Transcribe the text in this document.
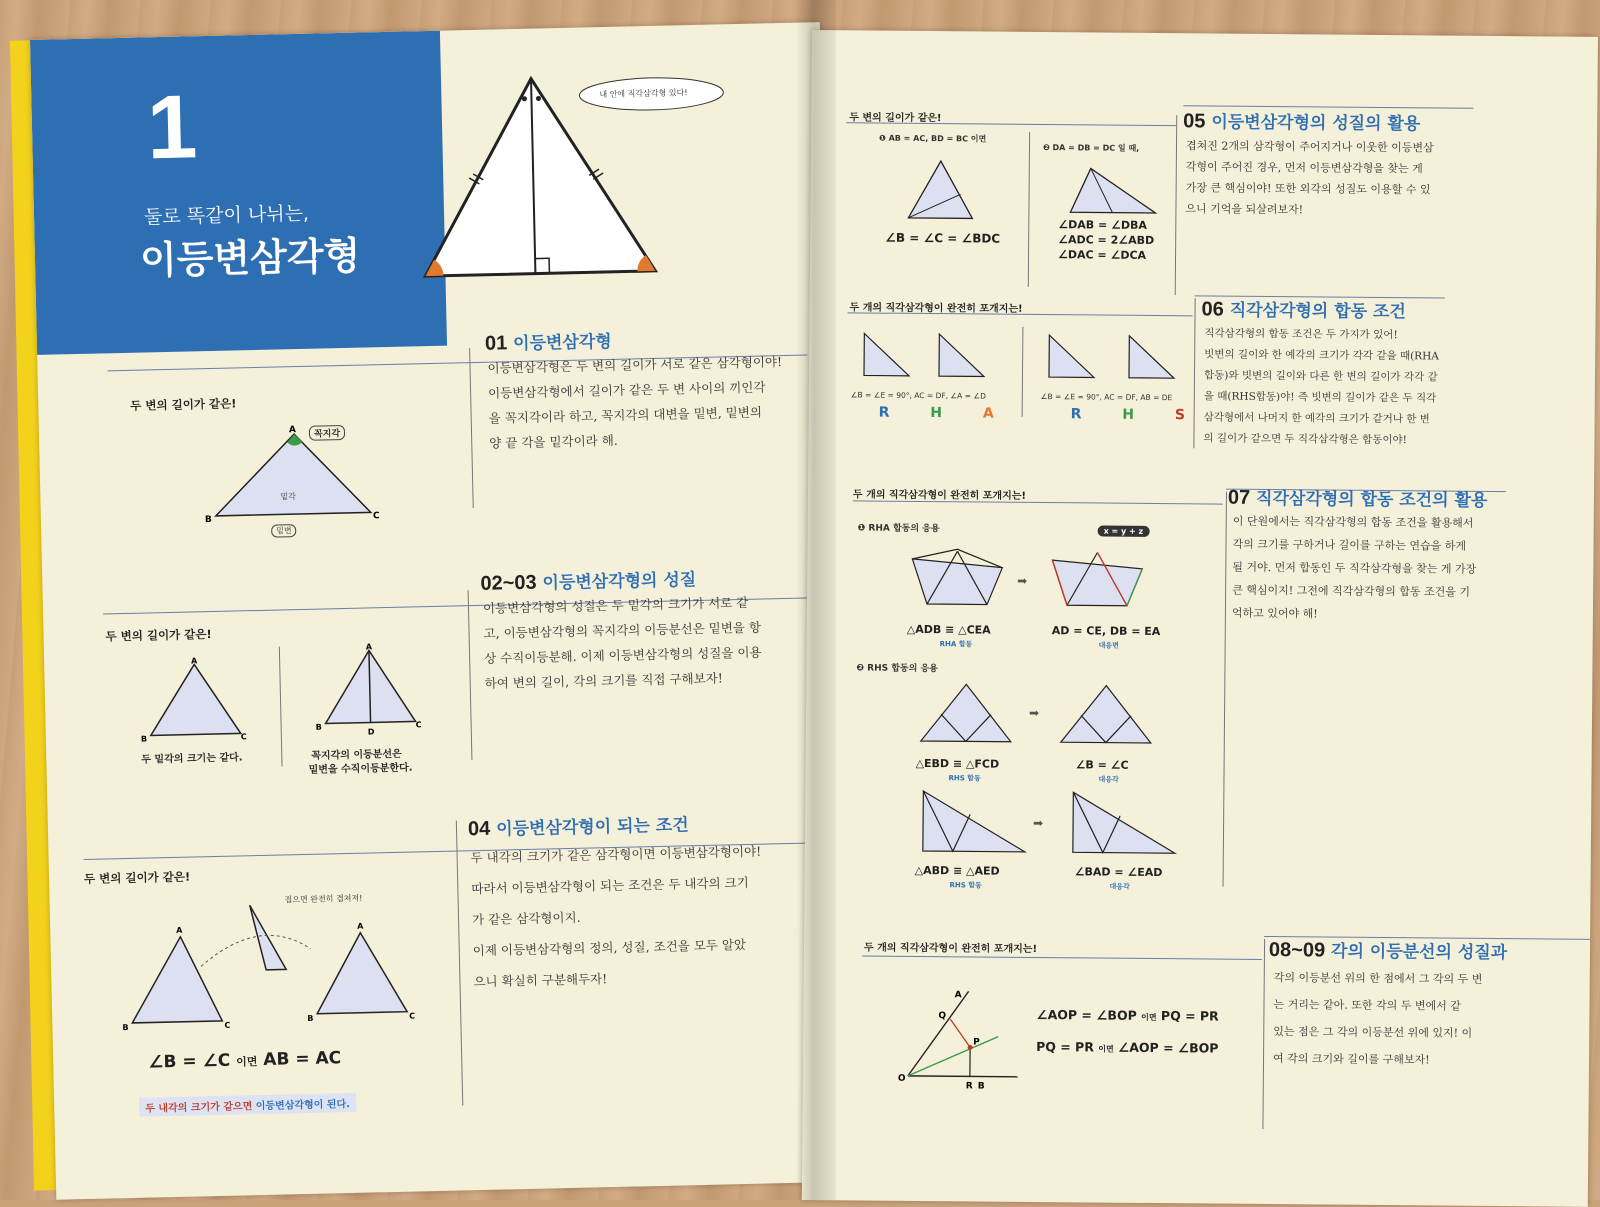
1
둘로 똑같이 나뉘는,
이등변삼각형
내 안에 직각삼각형 있다!
01 이등변삼각형
이등변삼각형은 두 변의 길이가 서로 같은 삼각형이야!
이등변삼각형에서 길이가 같은 두 변 사이의 끼인각
을 꼭지각이라 하고, 꼭지각의 대변을 밑변, 밑변의
양 끝 각을 밑각이라 해.
두 변의 길이가 같은!
A
B	C
꼭지각
밑각
밑변
02~03 이등변삼각형의 성질
이등변삼각형의 성질은 두 밑각의 크기가 서로 같
고, 이등변삼각형의 꼭지각의 이등분선은 밑변을 항
상 수직이등분해. 이제 이등변삼각형의 성질을 이용
하여 변의 길이, 각의 크기를 직접 구해보자!
두 변의 길이가 같은!
A
B	C
A
B	C
D
두 밑각의 크기는 같다.	꼭지각의 이등분선은
밑변을 수직이등분한다.
04 이등변삼각형이 되는 조건
두 내각의 크기가 같은 삼각형이면 이등변삼각형이야!
따라서 이등변삼각형이 되는 조건은 두 내각의 크기
가 같은 삼각형이지.
이제 이등변삼각형의 정의, 성질, 조건을 모두 알았
으니 확실히 구분해두자!
두 변의 길이가 같은!
A
B	C
A
B	C
접으면 완전히 겹쳐져!
∠B = ∠C 이면 AB = AC
두 내각의 크기가 같으면 이등변삼각형이 된다.
두 변의 길이가 같은!
❶ AB = AC, BD = BC 이면
∠B = ∠C = ∠BDC
❷ DA = DB = DC 일 때,
∠DAB = ∠DBA
∠ADC = 2∠ABD
∠DAC = ∠DCA
05 이등변삼각형의 성질의 활용
겹쳐진 2개의 삼각형이 주어지거나 이웃한 이등변삼
각형이 주어진 경우, 먼저 이등변삼각형을 찾는 게
가장 큰 핵심이야! 또한 외각의 성질도 이용할 수 있
으니 기억을 되살려보자!
두 개의 직각삼각형이 완전히 포개지는!
∠B = ∠E = 90°, AC = DF, ∠A = ∠D	∠B = ∠E = 90°, AC = DF, AB = DE
R	H	A	R	H	S
06 직각삼각형의 합동 조건
직각삼각형의 합동 조건은 두 가지가 있어!
빗변의 길이와 한 예각의 크기가 각각 같을 때(RHA
합동)와 빗변의 길이와 다른 한 변의 길이가 각각 같
을 때(RHS합동)야! 즉 빗변의 길이가 같은 두 직각
삼각형에서 나머지 한 예각의 크기가 같거나 한 변
의 길이가 같으면 두 직각삼각형은 합동이야!
두 개의 직각삼각형이 완전히 포개지는!
❶ RHA 합동의 응용
➡
x = y + z
△ADB ≡ △CEA
RHA 합동
AD = CE, DB = EA
대응변
❷ RHS 합동의 응용
➡
△EBD ≡ △FCD
RHS 합동
∠B = ∠C
대응각
➡
△ABD ≡ △AED
RHS 합동
∠BAD = ∠EAD
대응각
07 직각삼각형의 합동 조건의 활용
이 단원에서는 직각삼각형의 합동 조건을 활용해서
각의 크기를 구하거나 길이를 구하는 연습을 하게
될 거야. 먼저 합동인 두 직각삼각형을 찾는 게 가장
큰 핵심이지! 그전에 직각삼각형의 합동 조건을 기
억하고 있어야 해!
두 개의 직각삼각형이 완전히 포개지는!
O
Q
A
P
R B
∠AOP = ∠BOP 이면 PQ = PR
PQ = PR 이면 ∠AOP = ∠BOP
08~09 각의 이등분선의 성질과
각의 이등분선 위의 한 점에서 그 각의 두 변
는 거리는 같아. 또한 각의 두 변에서 같
있는 점은 그 각의 이등분선 위에 있지! 이
여 각의 크기와 길이를 구해보자!
